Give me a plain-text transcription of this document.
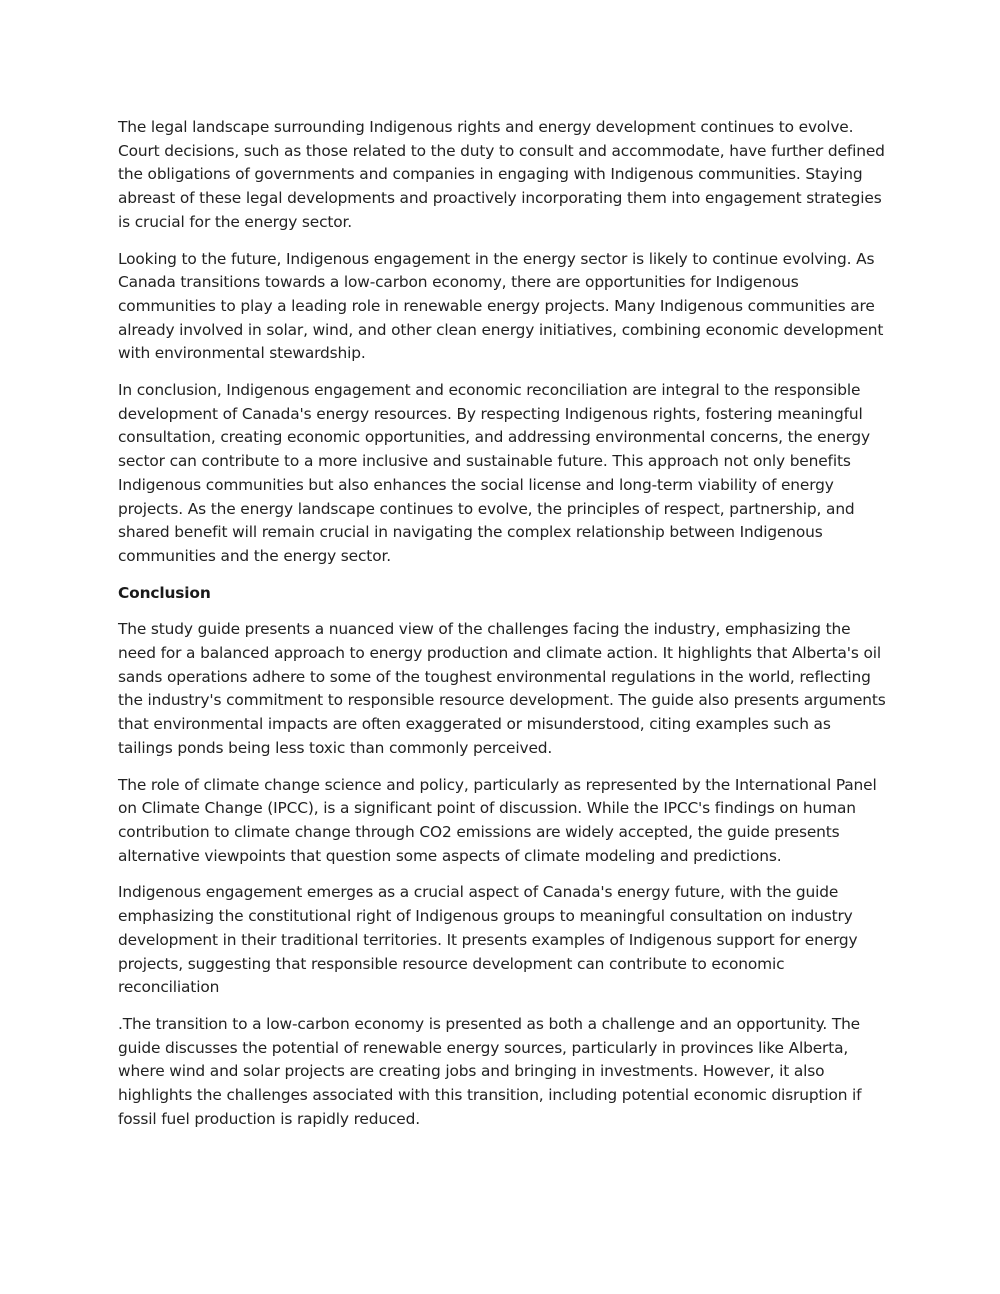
The legal landscape surrounding Indigenous rights and energy development continues to evolve. Court decisions, such as those related to the duty to consult and accommodate, have further defined the obligations of governments and companies in engaging with Indigenous communities. Staying abreast of these legal developments and proactively incorporating them into engagement strategies is crucial for the energy sector.

Looking to the future, Indigenous engagement in the energy sector is likely to continue evolving. As Canada transitions towards a low-carbon economy, there are opportunities for Indigenous communities to play a leading role in renewable energy projects. Many Indigenous communities are already involved in solar, wind, and other clean energy initiatives, combining economic development with environmental stewardship.

In conclusion, Indigenous engagement and economic reconciliation are integral to the responsible development of Canada's energy resources. By respecting Indigenous rights, fostering meaningful consultation, creating economic opportunities, and addressing environmental concerns, the energy sector can contribute to a more inclusive and sustainable future. This approach not only benefits Indigenous communities but also enhances the social license and long-term viability of energy projects. As the energy landscape continues to evolve, the principles of respect, partnership, and shared benefit will remain crucial in navigating the complex relationship between Indigenous communities and the energy sector.

Conclusion

The study guide presents a nuanced view of the challenges facing the industry, emphasizing the need for a balanced approach to energy production and climate action. It highlights that Alberta's oil sands operations adhere to some of the toughest environmental regulations in the world, reflecting the industry's commitment to responsible resource development. The guide also presents arguments that environmental impacts are often exaggerated or misunderstood, citing examples such as tailings ponds being less toxic than commonly perceived.

The role of climate change science and policy, particularly as represented by the International Panel on Climate Change (IPCC), is a significant point of discussion. While the IPCC's findings on human contribution to climate change through CO2 emissions are widely accepted, the guide presents alternative viewpoints that question some aspects of climate modeling and predictions.

Indigenous engagement emerges as a crucial aspect of Canada's energy future, with the guide emphasizing the constitutional right of Indigenous groups to meaningful consultation on industry development in their traditional territories. It presents examples of Indigenous support for energy projects, suggesting that responsible resource development can contribute to economic reconciliation

.The transition to a low-carbon economy is presented as both a challenge and an opportunity. The guide discusses the potential of renewable energy sources, particularly in provinces like Alberta, where wind and solar projects are creating jobs and bringing in investments. However, it also highlights the challenges associated with this transition, including potential economic disruption if fossil fuel production is rapidly reduced.
